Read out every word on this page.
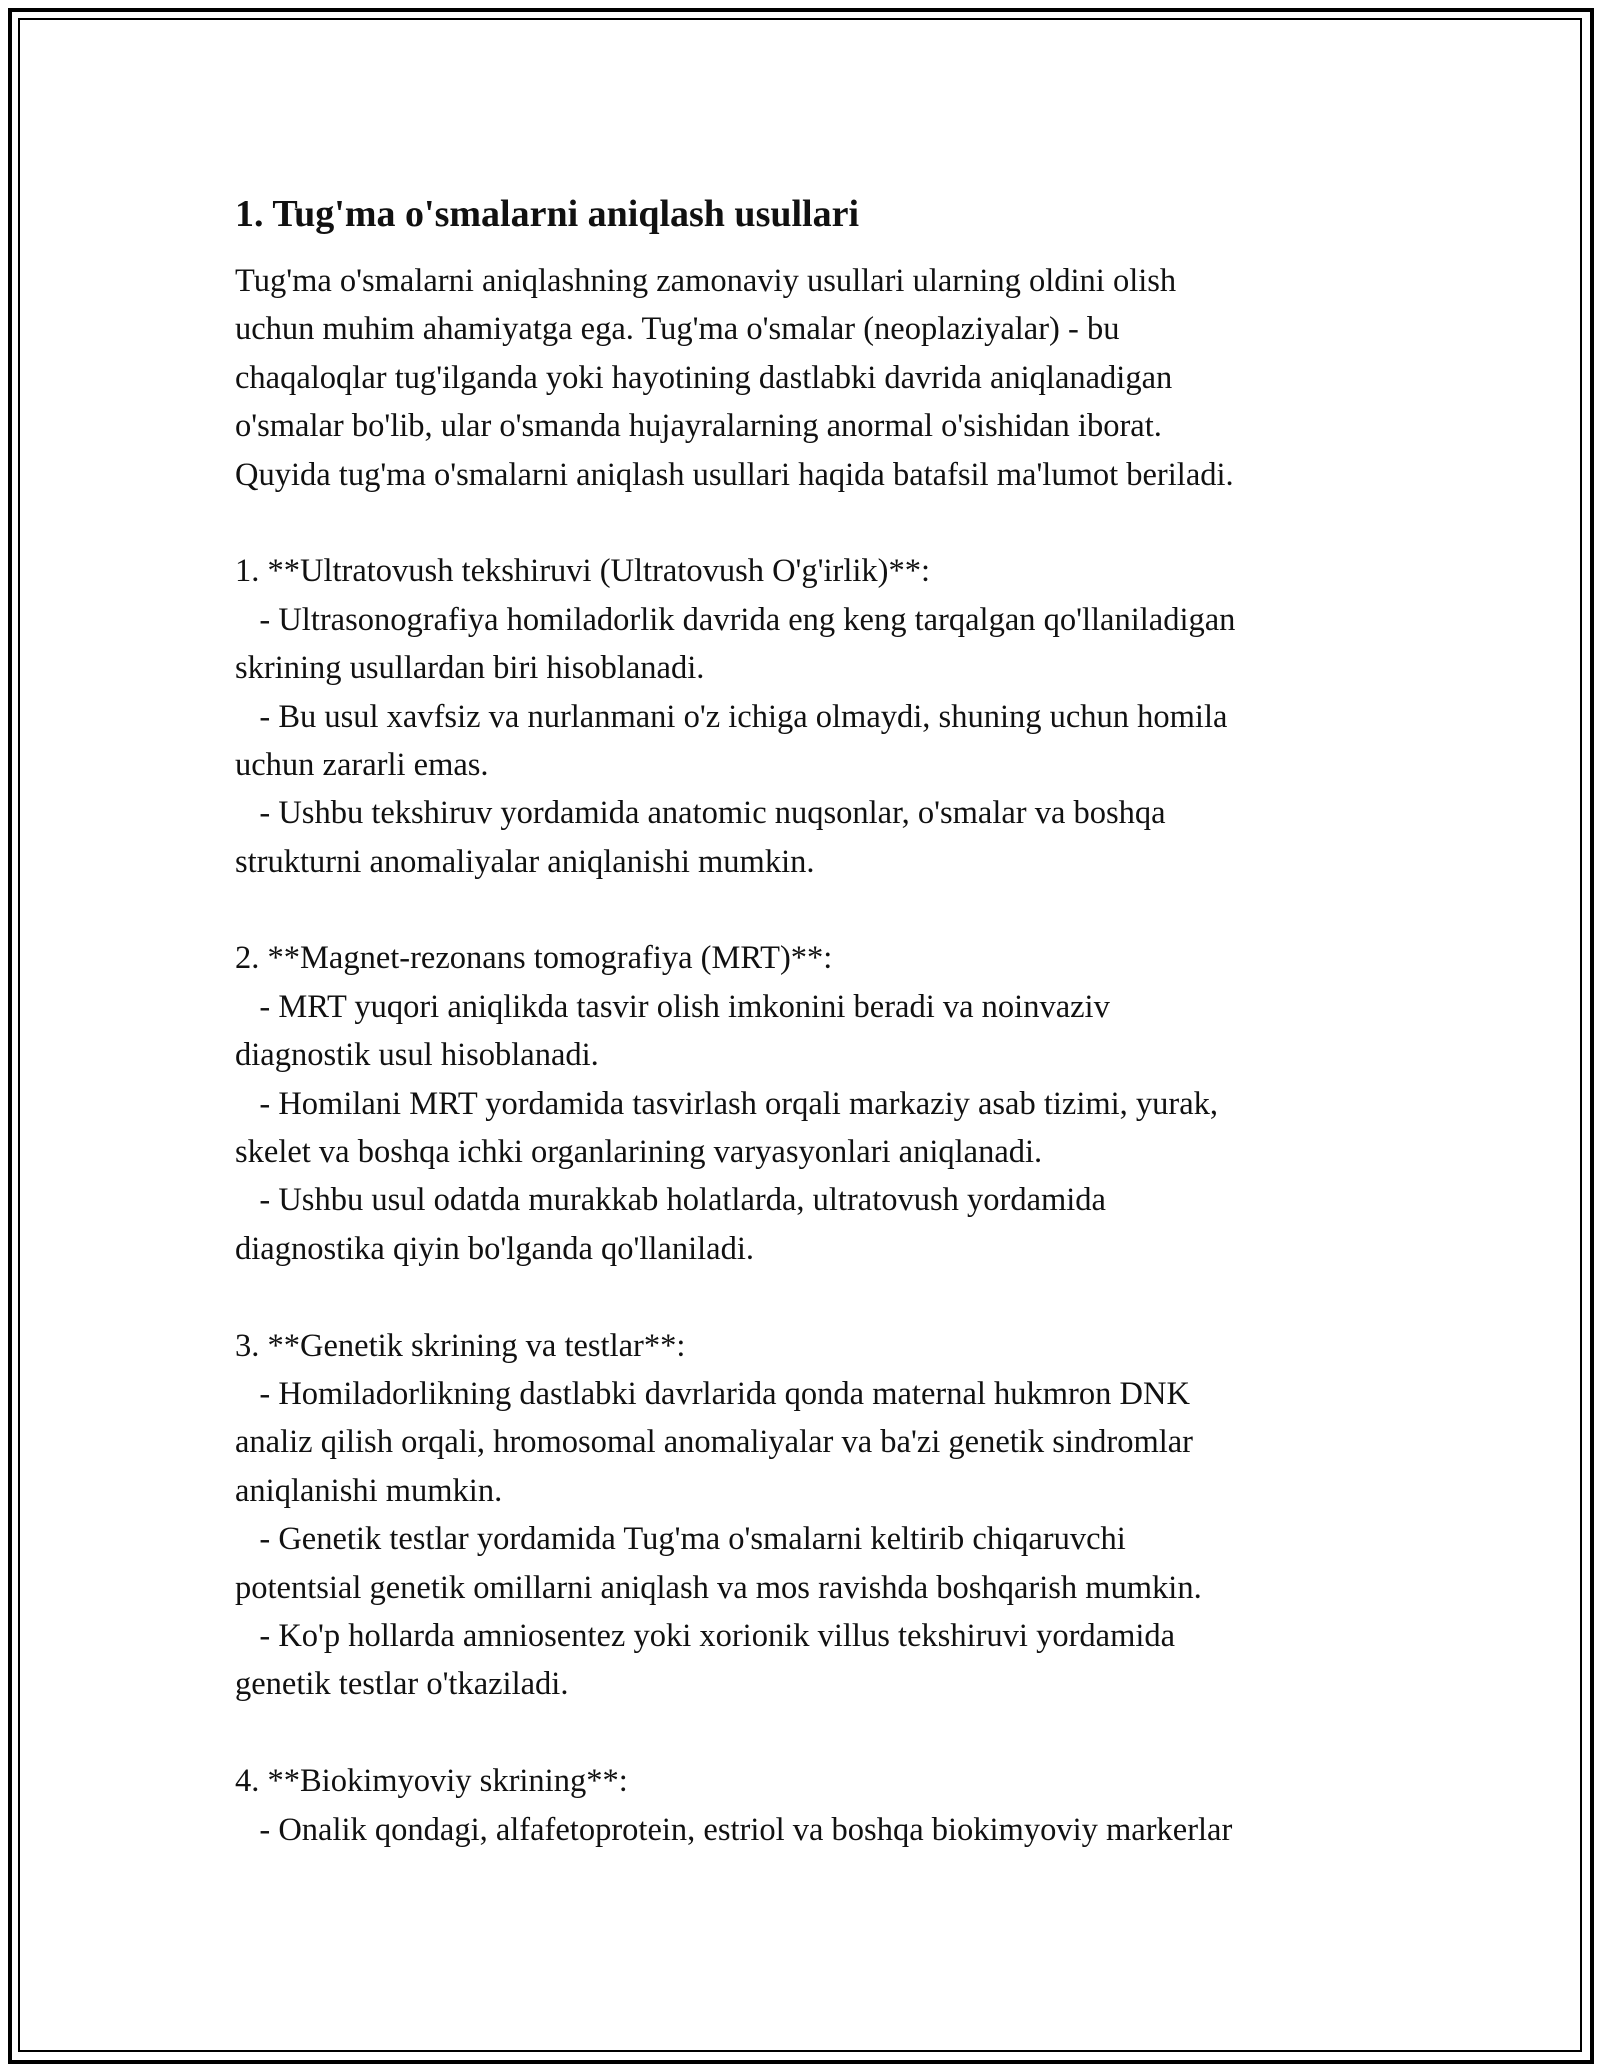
1. Tug'ma o'smalarni aniqlash usullari
Tug'ma o'smalarni aniqlashning zamonaviy usullari ularning oldini olish
uchun muhim ahamiyatga ega. Tug'ma o'smalar (neoplaziyalar) - bu
chaqaloqlar tug'ilganda yoki hayotining dastlabki davrida aniqlanadigan
o'smalar bo'lib, ular o'smanda hujayralarning anormal o'sishidan iborat.
Quyida tug'ma o'smalarni aniqlash usullari haqida batafsil ma'lumot beriladi.
1. **Ultratovush tekshiruvi (Ultratovush O'g'irlik)**:
- Ultrasonografiya homiladorlik davrida eng keng tarqalgan qo'llaniladigan
skrining usullardan biri hisoblanadi.
- Bu usul xavfsiz va nurlanmani o'z ichiga olmaydi, shuning uchun homila
uchun zararli emas.
- Ushbu tekshiruv yordamida anatomic nuqsonlar, o'smalar va boshqa
strukturni anomaliyalar aniqlanishi mumkin.
2. **Magnet-rezonans tomografiya (MRT)**:
- MRT yuqori aniqlikda tasvir olish imkonini beradi va noinvaziv
diagnostik usul hisoblanadi.
- Homilani MRT yordamida tasvirlash orqali markaziy asab tizimi, yurak,
skelet va boshqa ichki organlarining varyasyonlari aniqlanadi.
- Ushbu usul odatda murakkab holatlarda, ultratovush yordamida
diagnostika qiyin bo'lganda qo'llaniladi.
3. **Genetik skrining va testlar**:
- Homiladorlikning dastlabki davrlarida qonda maternal hukmron DNK
analiz qilish orqali, hromosomal anomaliyalar va ba'zi genetik sindromlar
aniqlanishi mumkin.
- Genetik testlar yordamida Tug'ma o'smalarni keltirib chiqaruvchi
potentsial genetik omillarni aniqlash va mos ravishda boshqarish mumkin.
- Ko'p hollarda amniosentez yoki xorionik villus tekshiruvi yordamida
genetik testlar o'tkaziladi.
4. **Biokimyoviy skrining**:
- Onalik qondagi, alfafetoprotein, estriol va boshqa biokimyoviy markerlar
